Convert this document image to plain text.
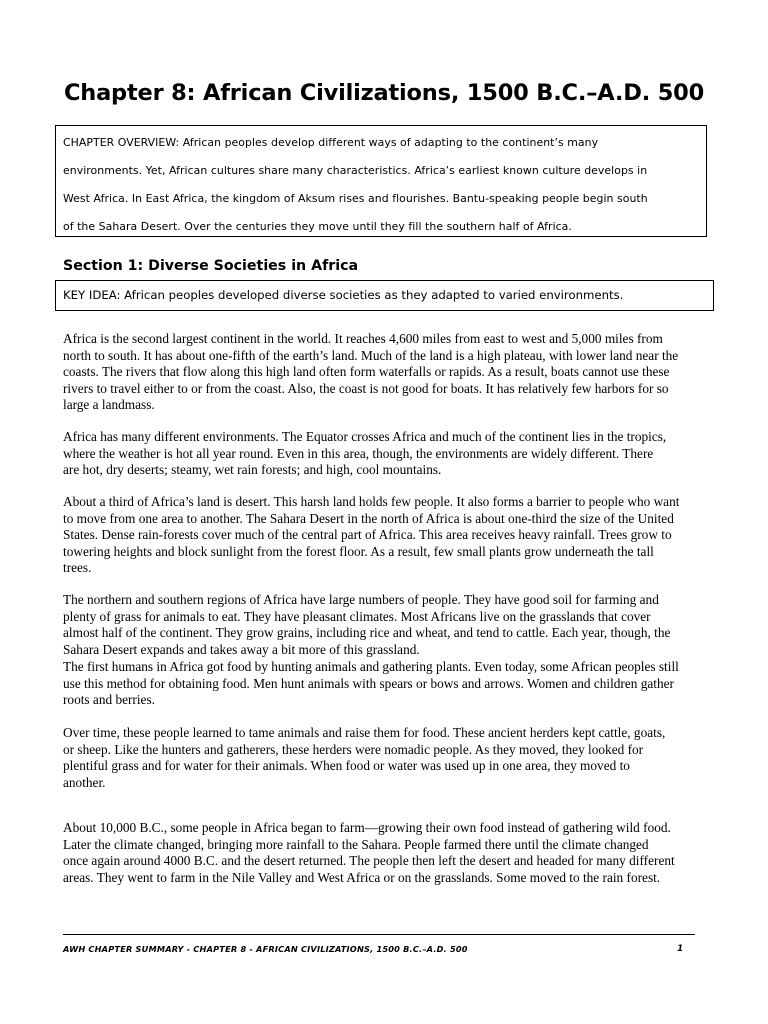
Chapter 8: African Civilizations, 1500 B.C.–A.D. 500
CHAPTER OVERVIEW: African peoples develop different ways of adapting to the continent’s many
environments. Yet, African cultures share many characteristics. Africa’s earliest known culture develops in
West Africa. In East Africa, the kingdom of Aksum rises and flourishes. Bantu-speaking people begin south
of the Sahara Desert. Over the centuries they move until they fill the southern half of Africa.
Section 1: Diverse Societies in Africa
KEY IDEA: African peoples developed diverse societies as they adapted to varied environments.
Africa is the second largest continent in the world. It reaches 4,600 miles from east to west and 5,000 miles from
north to south. It has about one-fifth of the earth’s land. Much of the land is a high plateau, with lower land near the
coasts. The rivers that flow along this high land often form waterfalls or rapids. As a result, boats cannot use these
rivers to travel either to or from the coast. Also, the coast is not good for boats. It has relatively few harbors for so
large a landmass.
Africa has many different environments. The Equator crosses Africa and much of the continent lies in the tropics,
where the weather is hot all year round. Even in this area, though, the environments are widely different. There
are hot, dry deserts; steamy, wet rain forests; and high, cool mountains.
About a third of Africa’s land is desert. This harsh land holds few people. It also forms a barrier to people who want
to move from one area to another. The Sahara Desert in the north of Africa is about one-third the size of the United
States. Dense rain-forests cover much of the central part of Africa. This area receives heavy rainfall. Trees grow to
towering heights and block sunlight from the forest floor. As a result, few small plants grow underneath the tall
trees.
The northern and southern regions of Africa have large numbers of people. They have good soil for farming and
plenty of grass for animals to eat. They have pleasant climates. Most Africans live on the grasslands that cover
almost half of the continent. They grow grains, including rice and wheat, and tend to cattle. Each year, though, the
Sahara Desert expands and takes away a bit more of this grassland.
The first humans in Africa got food by hunting animals and gathering plants. Even today, some African peoples still
use this method for obtaining food. Men hunt animals with spears or bows and arrows. Women and children gather
roots and berries.
Over time, these people learned to tame animals and raise them for food. These ancient herders kept cattle, goats,
or sheep. Like the hunters and gatherers, these herders were nomadic people. As they moved, they looked for
plentiful grass and for water for their animals. When food or water was used up in one area, they moved to
another.
About 10,000 B.C., some people in Africa began to farm—growing their own food instead of gathering wild food.
Later the climate changed, bringing more rainfall to the Sahara. People farmed there until the climate changed
once again around 4000 B.C. and the desert returned. The people then left the desert and headed for many different
areas. They went to farm in the Nile Valley and West Africa or on the grasslands. Some moved to the rain forest.
AWH CHAPTER SUMMARY - CHAPTER 8 - AFRICAN CIVILIZATIONS, 1500 B.C.–A.D. 500	1
